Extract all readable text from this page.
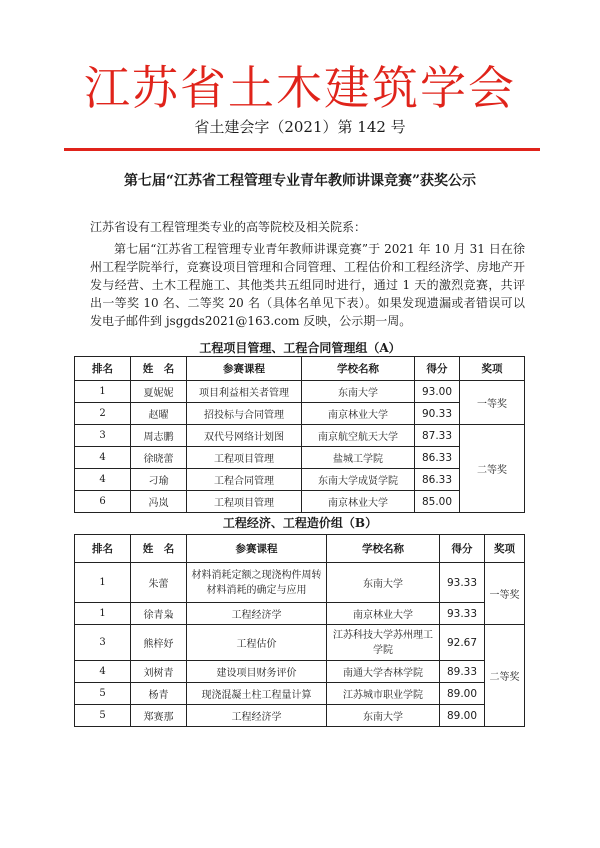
江苏省土木建筑学会
省土建会字（2021）第 142 号
第七届“江苏省工程管理专业青年教师讲课竞赛”获奖公示
江苏省设有工程管理类专业的高等院校及相关院系：
第七届“江苏省工程管理专业青年教师讲课竞赛”于 2021 年 10 月 31 日在徐州工程学院举行，竞赛设项目管理和合同管理、工程估价和工程经济学、房地产开发与经营、土木工程施工、其他类共五组同时进行，通过 1 天的激烈竞赛，共评出一等奖 10 名、二等奖 20 名（具体名单见下表）。如果发现遗漏或者错误可以发电子邮件到 jsggds2021@163.com 反映，公示期一周。
工程项目管理、工程合同管理组（A）
排名	姓　名	参赛课程	学校名称	得分	奖项
1	夏妮妮	项目利益相关者管理	东南大学	93.00	一等奖
2	赵曜	招投标与合同管理	南京林业大学	90.33	
3	周志鹏	双代号网络计划图	南京航空航天大学	87.33	二等奖
4	徐晓蕾	工程项目管理	盐城工学院	86.33	
4	刁瑜	工程合同管理	东南大学成贤学院	86.33	
6	冯岚	工程项目管理	南京林业大学	85.00	
工程经济、工程造价组（B）
排名	姓　名	参赛课程	学校名称	得分	奖项
1	朱蕾	材料消耗定额之现浇构件周转材料消耗的确定与应用	东南大学	93.33	一等奖
1	徐青枭	工程经济学	南京林业大学	93.33	
3	熊梓妤	工程估价	江苏科技大学苏州理工学院	92.67	二等奖
4	刘树青	建设项目财务评价	南通大学杏林学院	89.33	
5	杨青	现浇混凝土柱工程量计算	江苏城市职业学院	89.00	
5	郑赛那	工程经济学	东南大学	89.00	
